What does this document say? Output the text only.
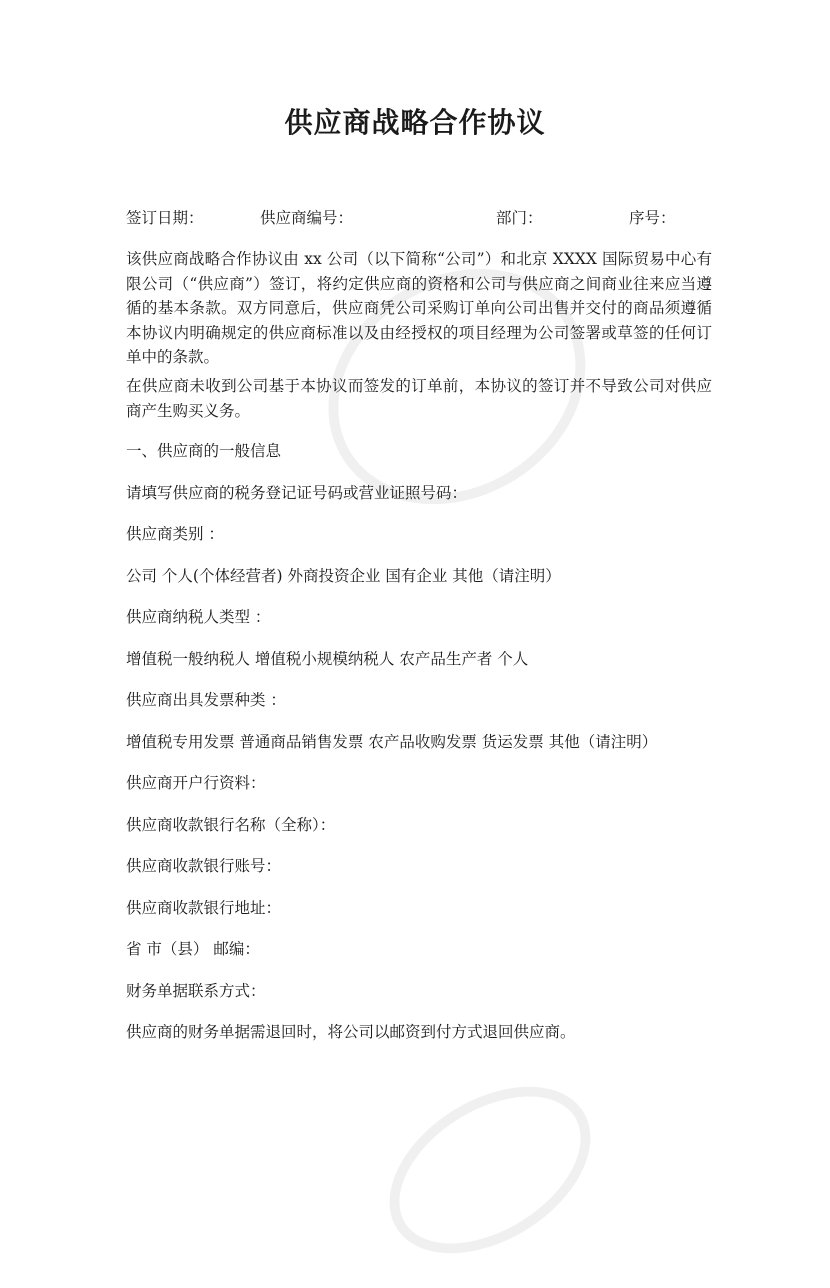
供应商战略合作协议
签订日期：	供应商编号：	部门：	序号：
该供应商战略合作协议由 xx 公司（以下简称“公司”）和北京 XXXX 国际贸易中心有限公司（“供应商”）签订，将约定供应商的资格和公司与供应商之间商业往来应当遵循的基本条款。双方同意后，供应商凭公司采购订单向公司出售并交付的商品须遵循本协议内明确规定的供应商标准以及由经授权的项目经理为公司签署或草签的任何订单中的条款。
在供应商未收到公司基于本协议而签发的订单前，本协议的签订并不导致公司对供应商产生购买义务。
一、供应商的一般信息
请填写供应商的税务登记证号码或营业证照号码：
供应商类别 ：
公司 个人(个体经营者) 外商投资企业 国有企业 其他（请注明）
供应商纳税人类型 ：
增值税一般纳税人 增值税小规模纳税人 农产品生产者 个人
供应商出具发票种类 ：
增值税专用发票 普通商品销售发票 农产品收购发票 货运发票 其他（请注明）
供应商开户行资料：
供应商收款银行名称（全称）：
供应商收款银行账号：
供应商收款银行地址：
省 市（县） 邮编：
财务单据联系方式：
供应商的财务单据需退回时，将公司以邮资到付方式退回供应商。
